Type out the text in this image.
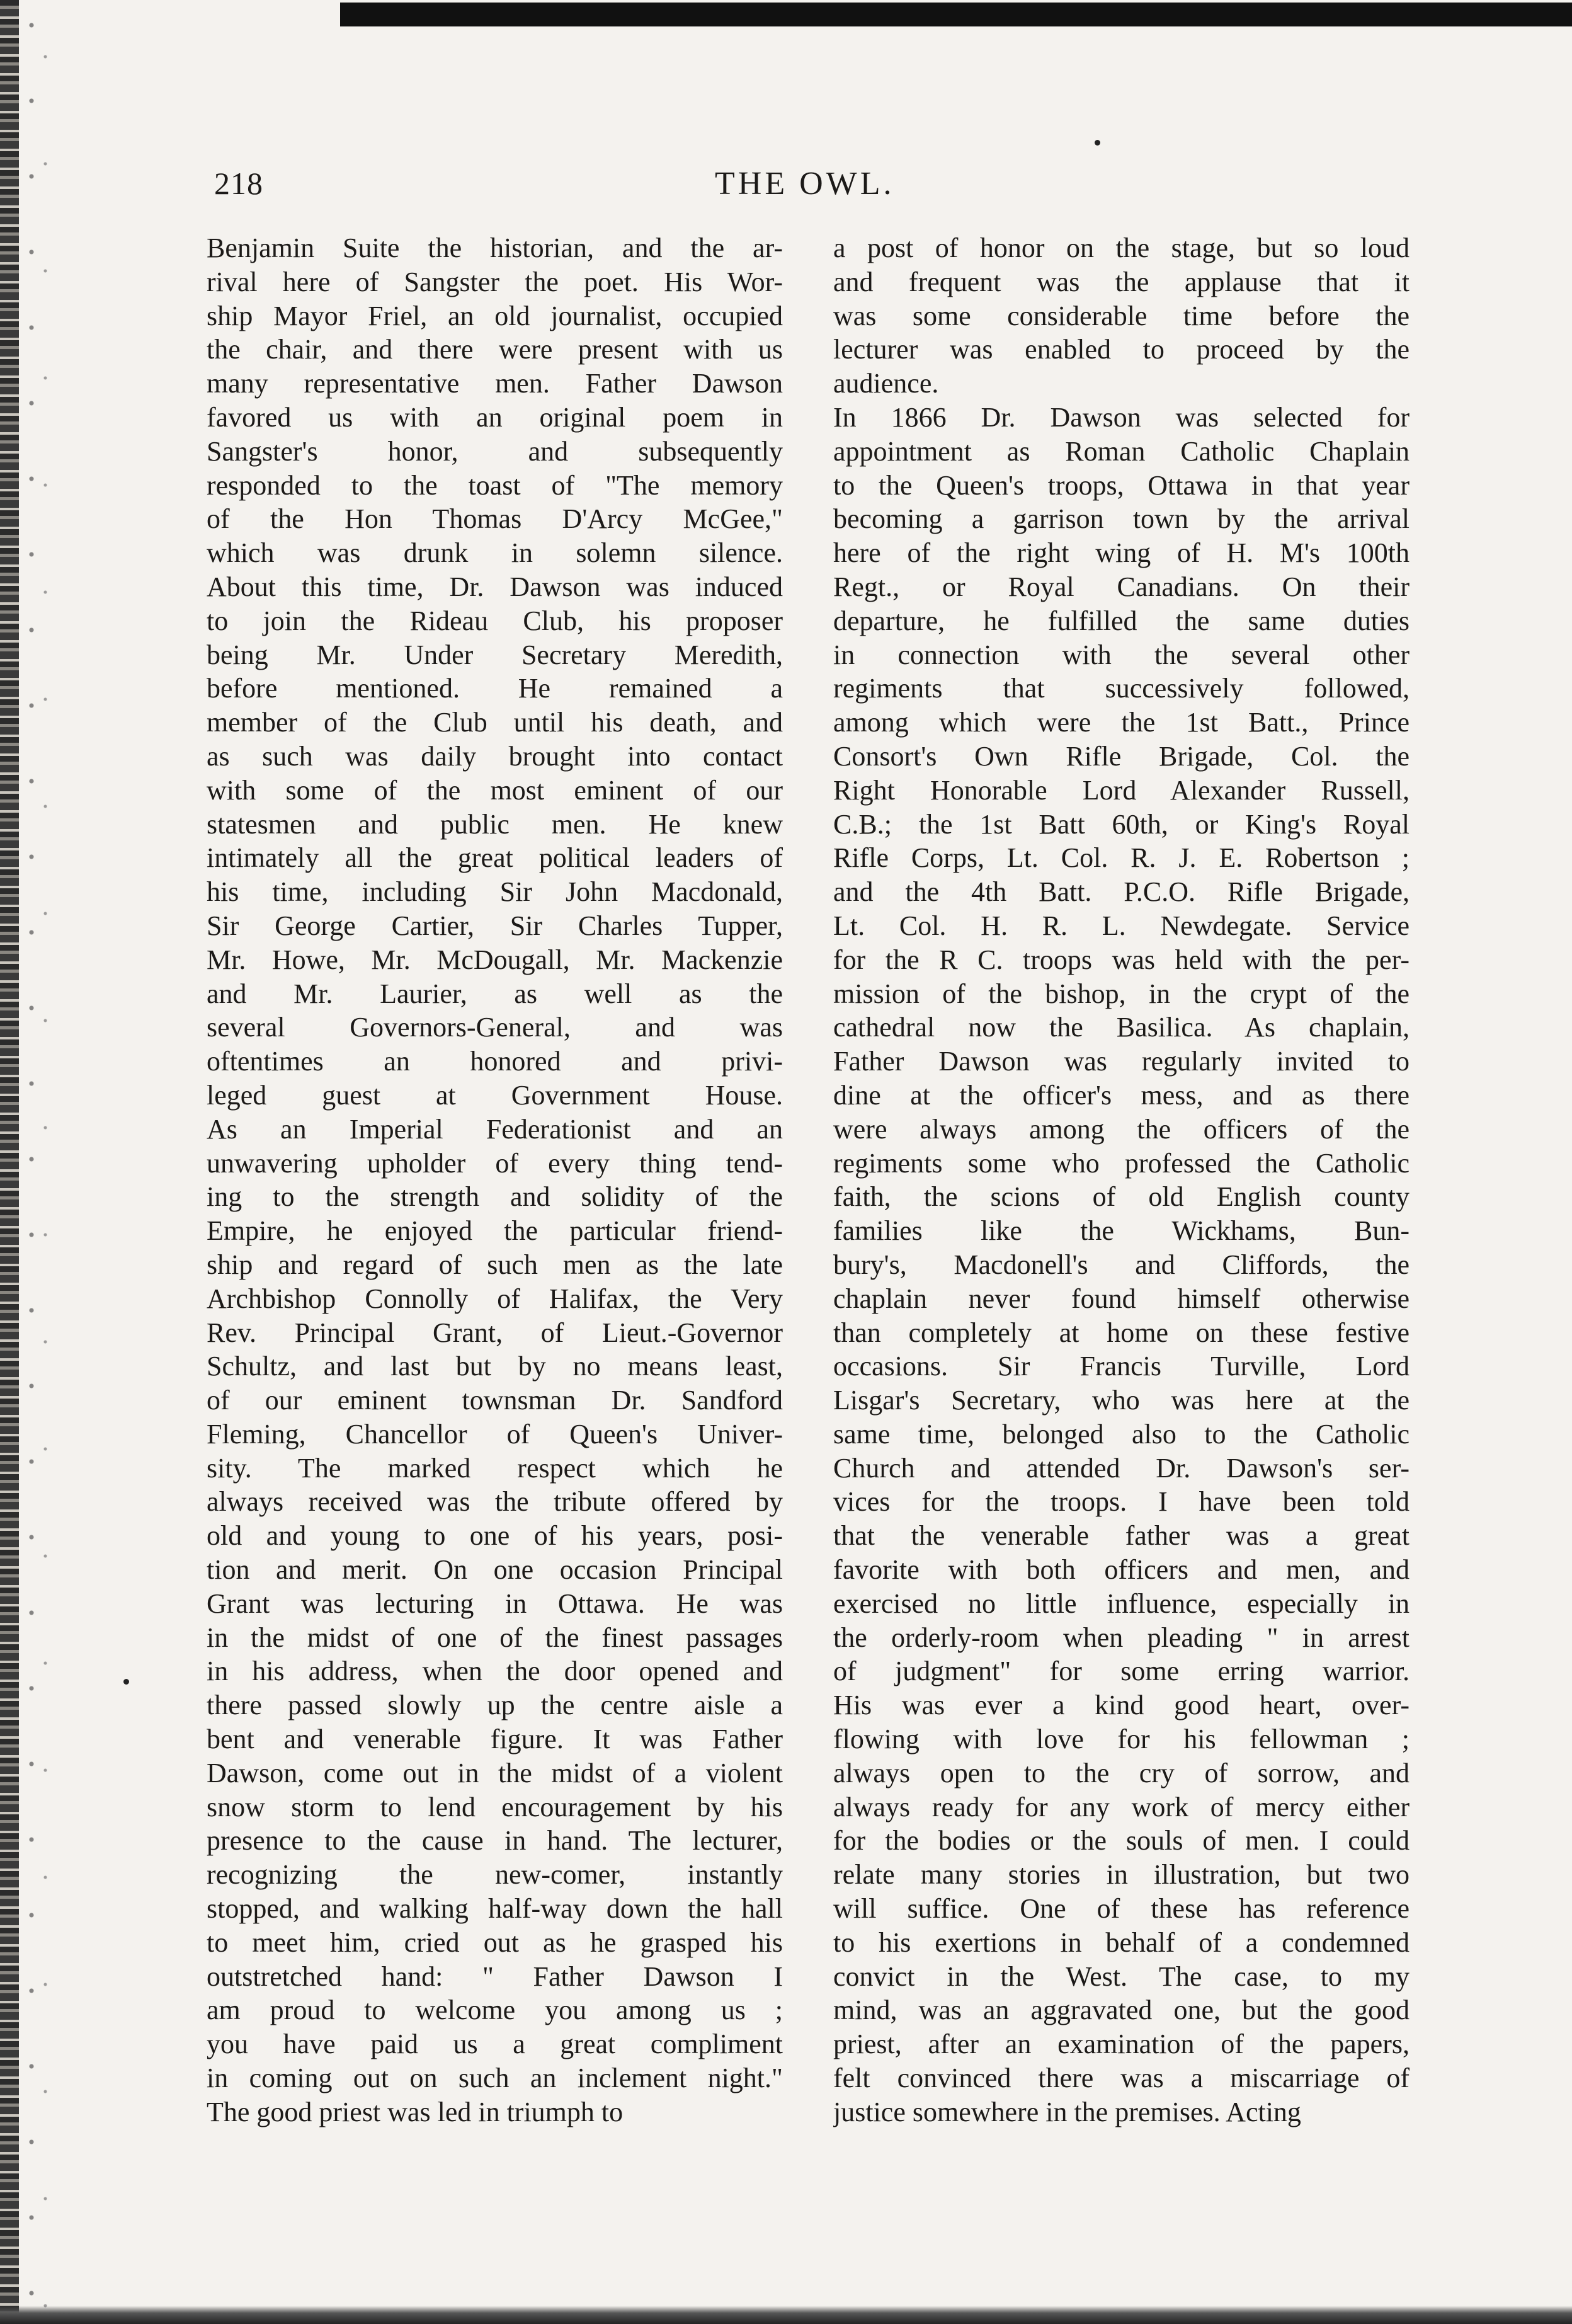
218	THE OWL.
Benjamin Suite the historian, and the ar-
rival here of Sangster the poet. His Wor-
ship Mayor Friel, an old journalist, occupied
the chair, and there were present with us
many representative men. Father Dawson
favored us with an original poem in
Sangster's honor, and subsequently
responded to the toast of "The memory
of the Hon Thomas D'Arcy McGee,"
which was drunk in solemn silence.
About this time, Dr. Dawson was induced
to join the Rideau Club, his proposer
being Mr. Under Secretary Meredith,
before mentioned. He remained a
member of the Club until his death, and
as such was daily brought into contact
with some of the most eminent of our
statesmen and public men. He knew
intimately all the great political leaders of
his time, including Sir John Macdonald,
Sir George Cartier, Sir Charles Tupper,
Mr. Howe, Mr. McDougall, Mr. Mackenzie
and Mr. Laurier, as well as the
several Governors-General, and was
oftentimes an honored and privi-
leged guest at Government House.
As an Imperial Federationist and an
unwavering upholder of every thing tend-
ing to the strength and solidity of the
Empire, he enjoyed the particular friend-
ship and regard of such men as the late
Archbishop Connolly of Halifax, the Very
Rev. Principal Grant, of Lieut.-Governor
Schultz, and last but by no means least,
of our eminent townsman Dr. Sandford
Fleming, Chancellor of Queen's Univer-
sity. The marked respect which he
always received was the tribute offered by
old and young to one of his years, posi-
tion and merit. On one occasion Principal
Grant was lecturing in Ottawa. He was
in the midst of one of the finest passages
in his address, when the door opened and
there passed slowly up the centre aisle a
bent and venerable figure. It was Father
Dawson, come out in the midst of a violent
snow storm to lend encouragement by his
presence to the cause in hand. The lecturer,
recognizing the new-comer, instantly
stopped, and walking half-way down the hall
to meet him, cried out as he grasped his
outstretched hand: " Father Dawson I
am proud to welcome you among us ;
you have paid us a great compliment
in coming out on such an inclement night."
The good priest was led in triumph to
a post of honor on the stage, but so loud
and frequent was the applause that it
was some considerable time before the
lecturer was enabled to proceed by the
audience.
In 1866 Dr. Dawson was selected for
appointment as Roman Catholic Chaplain
to the Queen's troops, Ottawa in that year
becoming a garrison town by the arrival
here of the right wing of H. M's 100th
Regt., or Royal Canadians. On their
departure, he fulfilled the same duties
in connection with the several other
regiments that successively followed,
among which were the 1st Batt., Prince
Consort's Own Rifle Brigade, Col. the
Right Honorable Lord Alexander Russell,
C.B.; the 1st Batt 60th, or King's Royal
Rifle Corps, Lt. Col. R. J. E. Robertson ;
and the 4th Batt. P.C.O. Rifle Brigade,
Lt. Col. H. R. L. Newdegate. Service
for the R C. troops was held with the per-
mission of the bishop, in the crypt of the
cathedral now the Basilica. As chaplain,
Father Dawson was regularly invited to
dine at the officer's mess, and as there
were always among the officers of the
regiments some who professed the Catholic
faith, the scions of old English county
families like the Wickhams, Bun-
bury's, Macdonell's and Cliffords, the
chaplain never found himself otherwise
than completely at home on these festive
occasions. Sir Francis Turville, Lord
Lisgar's Secretary, who was here at the
same time, belonged also to the Catholic
Church and attended Dr. Dawson's ser-
vices for the troops. I have been told
that the venerable father was a great
favorite with both officers and men, and
exercised no little influence, especially in
the orderly-room when pleading " in arrest
of judgment" for some erring warrior.
His was ever a kind good heart, over-
flowing with love for his fellowman ;
always open to the cry of sorrow, and
always ready for any work of mercy either
for the bodies or the souls of men. I could
relate many stories in illustration, but two
will suffice. One of these has reference
to his exertions in behalf of a condemned
convict in the West. The case, to my
mind, was an aggravated one, but the good
priest, after an examination of the papers,
felt convinced there was a miscarriage of
justice somewhere in the premises. Acting
